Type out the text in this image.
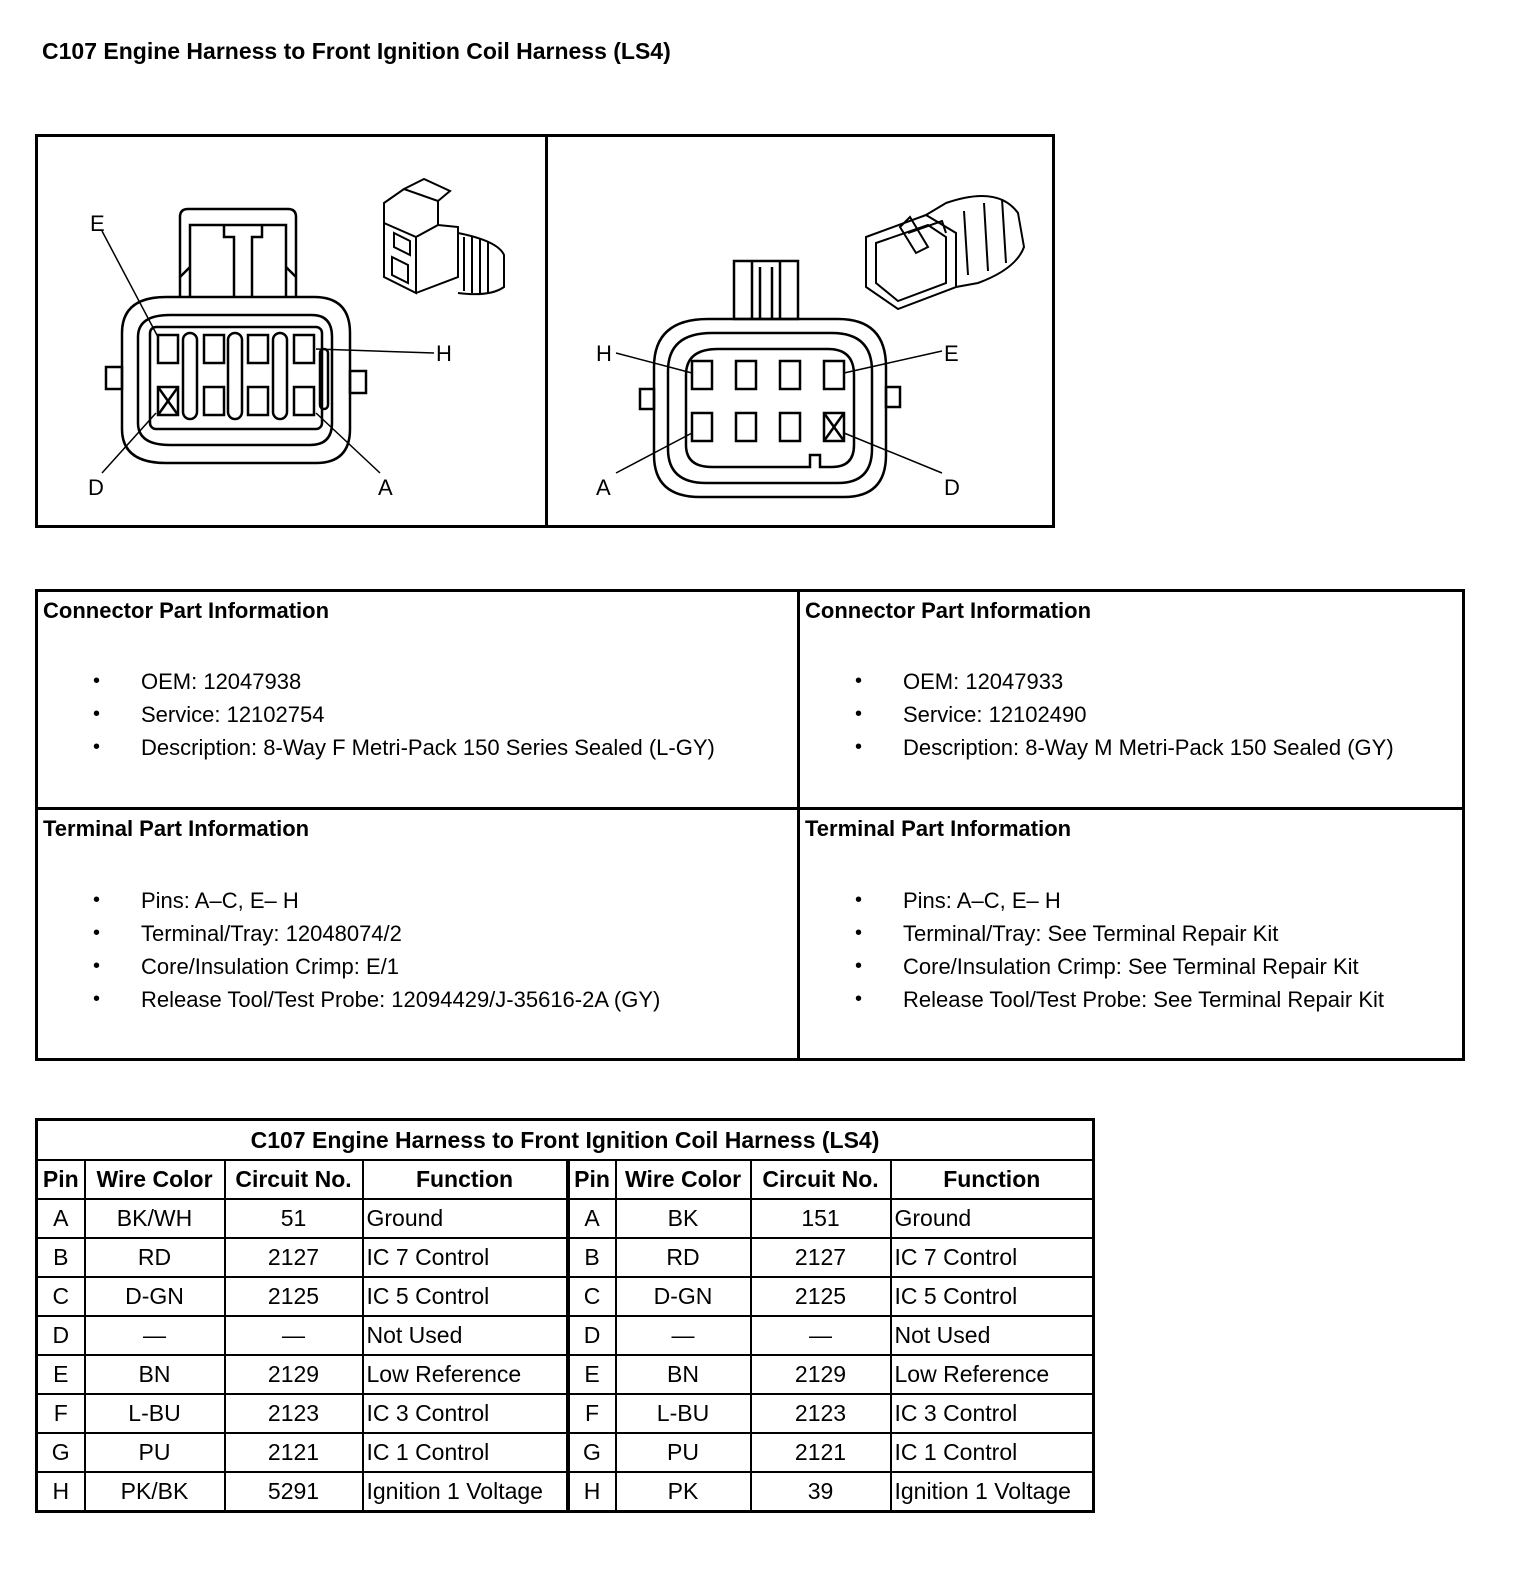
C107 Engine Harness to Front Ignition Coil Harness (LS4)
E
H
D	A
H	E
A	D
Connector Part Information
• OEM: 12047938
• Service: 12102754
• Description: 8-Way F Metri-Pack 150 Series Sealed (L-GY)
Connector Part Information
• OEM: 12047933
• Service: 12102490
• Description: 8-Way M Metri-Pack 150 Sealed (GY)
Terminal Part Information
• Pins: A–C, E– H
• Terminal/Tray: 12048074/2
• Core/Insulation Crimp: E/1
• Release Tool/Test Probe: 12094429/J-35616-2A (GY)
Terminal Part Information
• Pins: A–C, E– H
• Terminal/Tray: See Terminal Repair Kit
• Core/Insulation Crimp: See Terminal Repair Kit
• Release Tool/Test Probe: See Terminal Repair Kit
C107 Engine Harness to Front Ignition Coil Harness (LS4)							
Pin	Wire Color	Circuit No.	Function	Pin	Wire Color	Circuit No.	Function
A	BK/WH	51	Ground	A	BK	151	Ground
B	RD	2127	IC 7 Control	B	RD	2127	IC 7 Control
C	D-GN	2125	IC 5 Control	C	D-GN	2125	IC 5 Control
D	—	—	Not Used	D	—	—	Not Used
E	BN	2129	Low Reference	E	BN	2129	Low Reference
F	L-BU	2123	IC 3 Control	F	L-BU	2123	IC 3 Control
G	PU	2121	IC 1 Control	G	PU	2121	IC 1 Control
H	PK/BK	5291	Ignition 1 Voltage	H	PK	39	Ignition 1 Voltage
